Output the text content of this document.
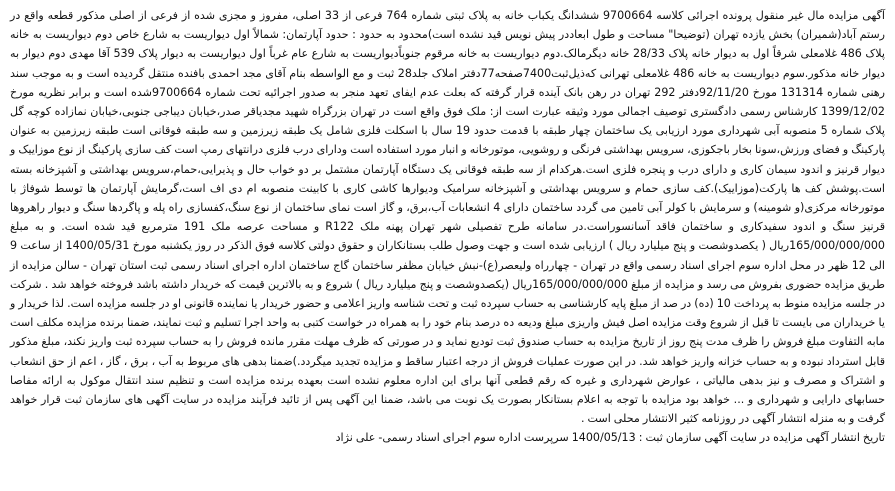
آگهی مزایده مال غیر منقول پرونده اجرائی کلاسه 9700664 ششدانگ یکباب خانه به پلاک ثبتی شماره 764 فرعی از 33 اصلی، مفروز و مجزی شده از فرعی از اصلی مذکور قطعه واقع در رستم آباد(شمیران) بخش یازده تهران (توضیحا" مساحت و طول ابعاددر پیش نویس قید نشده است)محدود به حدود : حدود آپارتمان: شمالاً اول دیواریست به شارع خاص دوم دیواریست به خانه پلاک 486 غلامعلی شرقاً اول به دیوار خانه پلاک 28/33 خانه دیگرمالک.دوم دیواریست به خانه مرقوم جنوباًدیواریست به شارع عام غرباً اول دیواریست به دیوار پلاک 539 آقا مهدی دوم دیوار به دیوار خانه مذکور.سوم دیواریست به خانه 486 غلامعلی تهرانی که‌ذیل‌ثبت7400صفحه77دفتر املاک جلد28 ثبت و مع الواسطه بنام آقای مجد احمدی بافنده منتقل گردیده است و به موجب سند رهنی شماره 131314 مورخ 92/11/20دفتر 292 تهران در رهن بانک آینده قرار گرفته که بعلت عدم ایفای تعهد منجر به صدور اجرائیه تحت شماره 9700664شده است و برابر نظریه مورخ 1399/12/02 کارشناس رسمی دادگستری توصیف اجمالی مورد وثیقه عبارت است از: ملک فوق واقع است در تهران بزرگراه شهید مجدیاقر صدر،خیابان دیباجی جنوبی،خیابان نمازاده کوچه گل پلاک شماره 5 منصوبه آبی شهرداری مورد ارزیابی یک ساختمان چهار طبقه با قدمت حدود 19 سال با اسکلت فلزی شامل یک طبقه زیرزمین و سه طبقه فوقانی است طبقه زیرزمین به عنوان پارکینگ و فضای ورزش،سونا بخار باجکوزی، سرویس بهداشتی فرنگی و روشویی، موتورخانه و انبار مورد استفاده است ودارای درب فلزی درانتهای رمپ است کف سازی پارکینگ از نوع موزاییک و دیوار قرنیز و اندود سیمان کاری و دارای درب و پنجره فلزی است.هرکدام از سه طبقه فوقانی یک دستگاه آپارتمان مشتمل بر دو خواب حال و پذیرایی،حمام،سرویس بهداشتی و آشپزخانه بسته است.پوشش کف ها پارکت(موزاییک).کف سازی حمام و سرویس بهداشتی و آشپزخانه سرامیک ودیوارها کاشی کاری با کابینت منصوبه ام دی اف است،گرمایش آپارتمان ها توسط شوفاژ با موتورخانه مرکزی(و شومینه) و سرمایش با کولر آبی تامین می گردد ساختمان دارای 4 انشعابات آب،برق، و گاز است نمای ساختمان از نوع سنگ،کفسازی راه پله و پاگردها سنگ و دیوار راهروها قرنیز سنگ و اندود سفیدکاری و ساختمان فاقد آسانسوراست.در سامانه طرح تفصیلی شهر تهران پهنه ملک R122 و مساحت عرصه ملک 191 مترمربع قید شده است. و به مبلغ 165/000/000/000ریال ( یکصدوشصت و پنج میلیارد ریال ) ارزیابی شده است و جهت وصول طلب بستانکاران و حقوق دولتی کلاسه فوق الذکر در روز یکشنبه مورخ 1400/05/31 از ساعت 9 الی 12 ظهر در محل اداره سوم اجرای اسناد رسمی واقع در تهران - چهارراه ولیعصر(ع)-نبش خیابان مظفر ساختمان گاج ساختمان اداره اجرای اسناد رسمی ثبت استان تهران - سالن مزایده از طریق مزایده حضوری بفروش می رسد و مزایده از مبلغ 165/000/000/000ریال (یکصدوشصت و پنج میلیارد ریال ) شروع و به بالاترین قیمت که خریدار داشته باشد فروخته خواهد شد . شرکت در جلسه مزایده منوط به پرداخت 10 (ده) در صد از مبلغ پایه کارشناسی به حساب سپرده ثبت و تحت شناسه واریز اعلامی و حضور خریدار یا نماینده قانونی او در جلسه مزایده است. لذا خریدار و یا خریداران می بایست تا قبل از شروع وقت مزایده اصل فیش واریزی مبلغ ودیعه ده درصد بنام خود را به همراه در خواست کتبی به واحد اجرا تسلیم و ثبت نمایند، ضمنا برنده مزایده مکلف است مابه التفاوت مبلغ فروش را ظرف مدت پنج روز از تاریخ مزایده به حساب صندوق ثبت تودیع نماید و در صورتی که ظرف مهلت مقرر مانده فروش را به حساب سپرده ثبت واریز نکند، مبلغ مذکور قابل استرداد نبوده و به حساب خزانه واریز خواهد شد. در این صورت عملیات فروش از درجه اعتبار ساقط و مزایده تجدید میگردد.)ضمنا بدهی های مربوط به آب ، برق ، گاز ، اعم از حق انشعاب و اشتراک و مصرف و نیز بدهی مالیاتی ، عوارض شهرداری و غیره که رقم قطعی آنها برای این اداره معلوم نشده است بعهده برنده مزایده است و تنظیم سند انتقال موکول به ارائه مفاصا حسابهای دارایی و شهرداری و ... خواهد بود مزایده با توجه به اعلام بستانکار بصورت یک نوبت می باشد، ضمنا این آگهی پس از تائید فرآیند مزایده در سایت آگهی های سازمان ثبت قرار خواهد گرفت و به منزله انتشار آگهی در روزنامه کثیر الانتشار محلی است .

تاریخ انتشار آگهی مزایده در سایت آگهی سازمان ثبت : 1400/05/13 سرپرست اداره سوم اجرای اسناد رسمی- علی نژاد
